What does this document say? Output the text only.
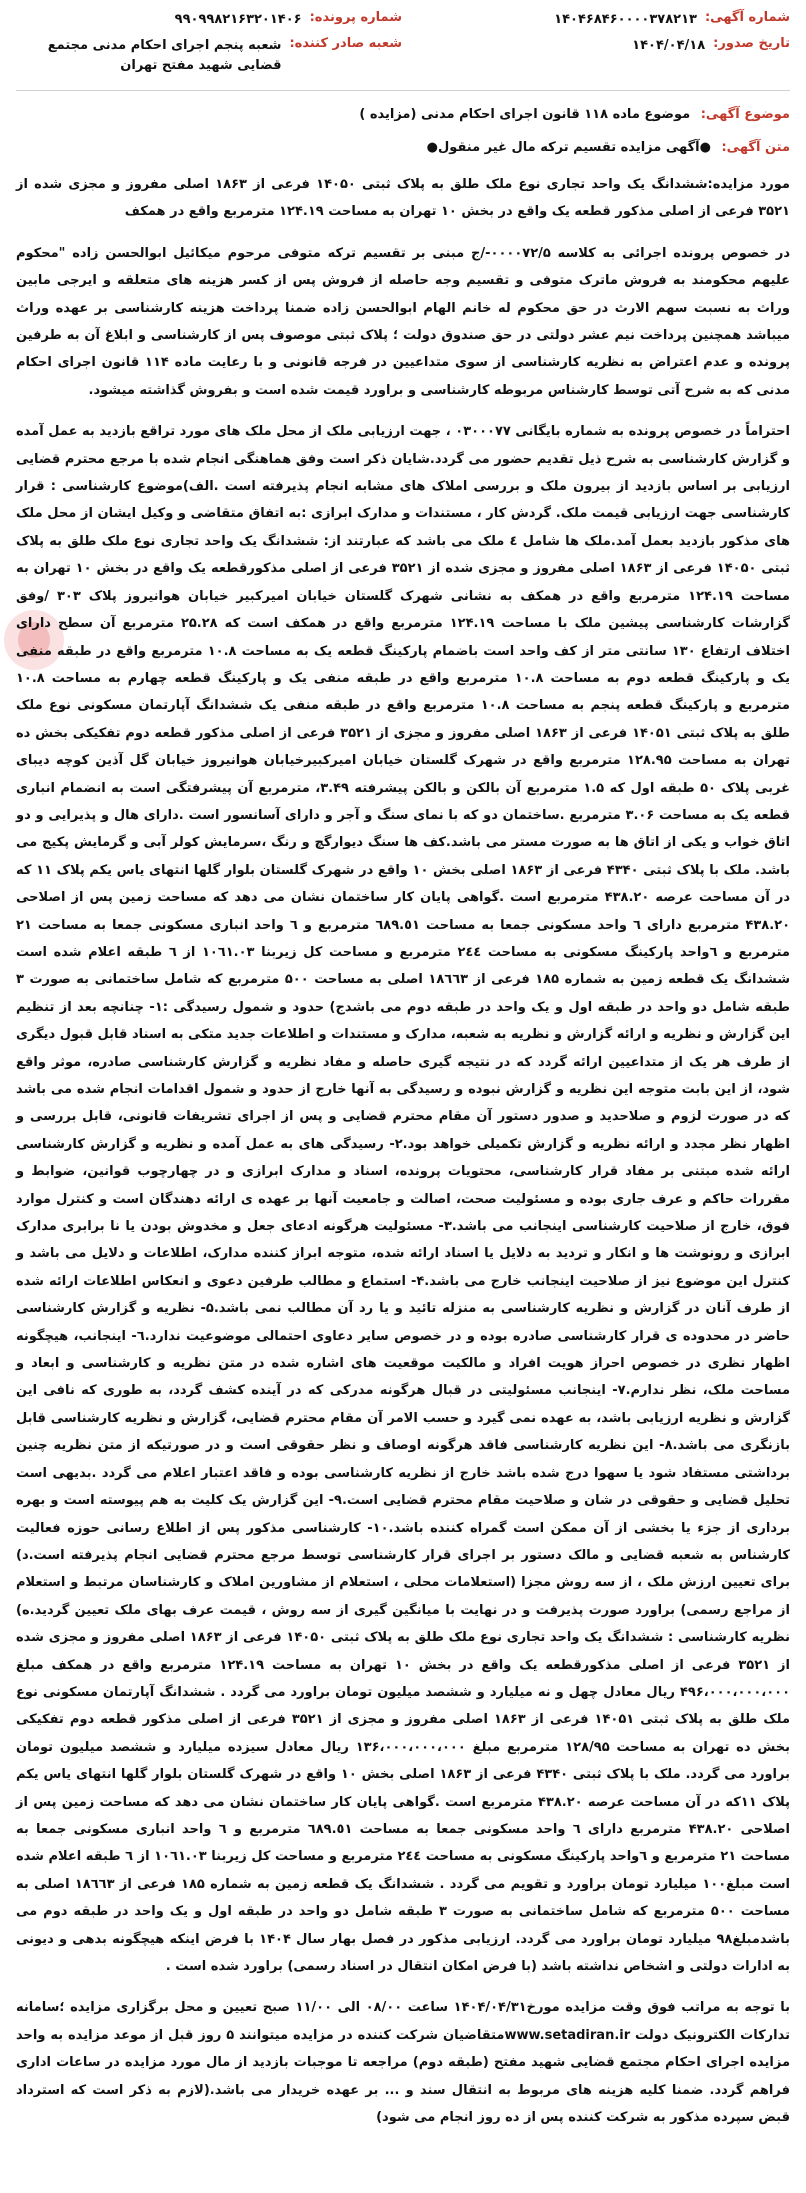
شماره آگهی:
۱۴۰۴۶۸۴۶۰۰۰۰۳۷۸۲۱۳
شماره پرونده:
۹۹۰۹۹۸۲۱۶۳۲۰۱۴۰۶
تاریخ صدور:
۱۴۰۴/۰۴/۱۸
شعبه صادر کننده:
شعبه پنجم اجرای احکام مدنی مجتمع قضایی شهید مفتح تهران
موضوع آگهی: موضوع ماده ۱۱۸ قانون اجرای احکام مدنی (مزایده )
متن آگهی: ●آگهی مزایده تقسیم ترکه مال غیر منقول●

مورد مزایده:ششدانگ یک واحد تجاری نوع ملک طلق به پلاک ثبتی ۱۴۰۵۰ فرعی از ۱۸۶۳ اصلی مفروز و مجزی شده از ۳۵۲۱ فرعی از اصلی مذکور قطعه یک واقع در بخش ۱۰ تهران به مساحت ۱۲۴.۱۹ مترمربع واقع در همکف

در خصوص پرونده اجرائی به کلاسه ۰۰۰۰۷۲/۵-/ج مبنی بر تقسیم ترکه متوفی مرحوم میکائیل ابوالحسن زاده "محکوم علیهم محکومند به فروش ماترک متوفی و تقسیم وجه حاصله از فروش پس از کسر هزینه های متعلقه و ایرجی مابین وراث به نسبت سهم الارث در حق محکوم له خانم الهام ابوالحسن زاده ضمنا پرداخت هزینه کارشناسی بر عهده وراث میباشد همچنین پرداخت نیم عشر دولتی در حق صندوق دولت ؛ پلاک ثبتی موصوف پس از کارشناسی و ابلاغ آن به طرفین پرونده و عدم اعتراض به نظریه کارشناسی از سوی متداعیین در فرجه قانونی و با رعایت ماده ۱۱۴ قانون اجرای احکام مدنی که به شرح آتی توسط کارشناس مربوطه کارشناسی و براورد قیمت شده است و بفروش گذاشته میشود.

احتراماً در خصوص پرونده به شماره بایگانی ۰۳۰۰۰۷۷ ، جهت ارزیابی ملک از محل ملک های مورد تراقع بازدید به عمل آمده و گزارش کارشناسی به شرح ذیل تقدیم حضور می گردد.شایان ذکر است وفق هماهنگی انجام شده با مرجع محترم قضایی ارزیابی بر اساس بازدید از بیرون ملک و بررسی املاک های مشابه انجام پذیرفته است .الف)موضوع کارشناسی : قرار کارشناسی جهت ارزیابی قیمت ملک. گردش کار ، مستندات و مدارک ابرازی :به اتفاق متقاضی و وکیل ایشان از محل ملک های مذکور بازدید بعمل آمد.ملک ها شامل ٤ ملک می باشد که عبارتند از: ششدانگ یک واحد تجاری نوع ملک طلق به پلاک ثبتی ۱۴۰۵۰ فرعی از ۱۸۶۳ اصلی مفروز و مجزی شده از ۳۵۲۱ فرعی از اصلی مذکورقطعه یک واقع در بخش ۱۰ تهران به مساحت ۱۲۴.۱۹ مترمربع واقع در همکف به نشانی شهرک گلستان خیابان امیرکبیر خیابان هوانیروز پلاک ۳۰۳ /وفق گزارشات کارشناسی پیشین ملک با مساحت ۱۲۴.۱۹ مترمربع واقع در همکف است که ۲۵.۲۸ مترمربع آن سطح دارای اختلاف ارتفاع ۱۳۰ سانتی متر از کف واحد است باضمام پارکینگ قطعه یک به مساحت ۱۰.۸ مترمربع واقع در طبقه منفی یک و پارکینگ قطعه دوم به مساحت ۱۰.۸ مترمربع واقع در طبقه منفی یک و پارکینگ قطعه چهارم به مساحت ۱۰.۸ مترمربع و پارکینگ قطعه پنجم به مساحت ۱۰.۸ مترمربع واقع در طبقه منفی یک ششدانگ آپارتمان مسکونی نوع ملک طلق به پلاک ثبتی ۱۴۰۵۱ فرعی از ۱۸۶۳ اصلی مفروز و مجزی از ۳۵۲۱ فرعی از اصلی مذکور قطعه دوم تفکیکی بخش ده تهران به مساحت ۱۲۸.۹۵ مترمربع واقع در شهرک گلستان خیابان امیرکبیرخیابان هوانیروز خیابان گل آذین کوچه دیبای غربی پلاک ۵۰ طبقه اول که ۱.۵ مترمربع آن بالکن و بالکن پیشرفته ۳.۴۹، مترمربع آن پیشرفتگی است به انضمام انباری قطعه یک به مساحت ۳.۰۶ مترمربع .ساختمان دو که با نمای سنگ و آجر و دارای آسانسور است .دارای هال و پذیرایی و دو اتاق خواب و یکی از اتاق ها به صورت مستر می باشد.کف ها سنگ دیوارگچ و رنگ ،سرمایش کولر آبی و گرمایش پکیج می باشد. ملک با پلاک ثبتی ۴۳۴۰ فرعی از ۱۸۶۳ اصلی بخش ۱۰ واقع در شهرک گلستان بلوار گلها انتهای یاس یکم پلاک ١١ که در آن مساحت عرصه ۴۳۸.۲۰ مترمربع است .گواهی پایان کار ساختمان نشان می دهد که مساحت زمین پس از اصلاحی ۴۳۸.۲۰ مترمربع دارای ٦ واحد مسکونی جمعا به مساحت ٦٨٩.٥١ مترمربع و ٦ واحد انباری مسکونی جمعا به مساحت ٢١ مترمربع و ٦واحد پارکینگ مسکونی به مساحت ٢٤٤ مترمربع و مساحت کل زیربنا ۱۰٦۱.۰۳ از ٦ طبقه اعلام شده است ششدانگ یک قطعه زمین به شماره ۱۸۵ فرعی از ۱۸٦٦۳ اصلی به مساحت ۵۰۰ مترمربع که شامل ساختمانی به صورت ۳ طبقه شامل دو واحد در طبقه اول و یک واحد در طبقه دوم می باشدج) حدود و شمول رسیدگی :۱- چنانچه بعد از تنظیم این گزارش و نظریه و ارائه گزارش و نظریه به شعبه، مدارک و مستندات و اطلاعات جدید متکی به اسناد قابل قبول دیگری از طرف هر یک از متداعیین ارائه گردد که در نتیجه گیری حاصله و مفاد نظریه و گزارش کارشناسی صادره، موثر واقع شود، از این بابت متوجه این نظریه و گزارش نبوده و رسیدگی به آنها خارج از حدود و شمول اقدامات انجام شده می باشد که در صورت لزوم و صلاحدید و صدور دستور آن مقام محترم قضایی و پس از اجرای تشریفات قانونی، قابل بررسی و اظهار نظر مجدد و ارائه نظریه و گزارش تکمیلی خواهد بود.۲- رسیدگی های به عمل آمده و نظریه و گزارش کارشناسی ارائه شده مبتنی بر مفاد قرار کارشناسی، محتویات پرونده، اسناد و مدارک ابرازی و در چهارچوب قوانین، ضوابط و مقررات حاکم و عرف جاری بوده و مسئولیت صحت، اصالت و جامعیت آنها بر عهده ی ارائه دهندگان است و کنترل موارد فوق، خارج از صلاحیت کارشناسی اینجانب می باشد.۳- مسئولیت هرگونه ادعای جعل و مخدوش بودن یا نا برابری مدارک ابرازی و رونوشت ها و انکار و تردید به دلایل یا اسناد ارائه شده، متوجه ابراز کننده مدارک، اطلاعات و دلایل می باشد و کنترل این موضوع نیز از صلاحیت اینجانب خارج می باشد.۴- استماع و مطالب طرفین دعوی و انعکاس اطلاعات ارائه شده از طرف آنان در گزارش و نظریه کارشناسی به منزله تائید و یا رد آن مطالب نمی باشد.۵- نظریه و گزارش کارشناسی حاضر در محدوده ی قرار کارشناسی صادره بوده و در خصوص سایر دعاوی احتمالی موضوعیت ندارد.٦- اینجانب، هیچگونه اظهار نظری در خصوص احراز هویت افراد و مالکیت موقعیت های اشاره شده در متن نظریه و کارشناسی و ابعاد و مساحت ملک، نظر ندارم.۷- اینجانب مسئولیتی در قبال هرگونه مدرکی که در آینده کشف گردد، به طوری که نافی این گزارش و نظریه ارزیابی باشد، به عهده نمی گیرد و حسب الامر آن مقام محترم قضایی، گزارش و نظریه کارشناسی قابل بازنگری می باشد.۸- این نظریه کارشناسی فاقد هرگونه اوصاف و نظر حقوقی است و در صورتیکه از متن نظریه چنین برداشتی مستفاد شود یا سهوا درج شده باشد خارج از نظریه کارشناسی بوده و فاقد اعتبار اعلام می گردد .بدیهی است تحلیل قضایی و حقوقی در شان و صلاحیت مقام محترم قضایی است.۹- این گزارش یک کلیت به هم پیوسته است و بهره برداری از جزء یا بخشی از آن ممکن است گمراه کننده باشد.۱۰- کارشناسی مذکور پس از اطلاع رسانی حوزه فعالیت کارشناس به شعبه قضایی و مالک دستور بر اجرای قرار کارشناسی توسط مرجع محترم قضایی انجام پذیرفته است.د) برای تعیین ارزش ملک ، از سه روش مجزا (استعلامات محلی ، استعلام از مشاورین املاک و کارشناسان مرتبط و استعلام از مراجع رسمی) براورد صورت پذیرفت و در نهایت با میانگین گیری از سه روش ، قیمت عرف بهای ملک تعیین گردید.ه) نظریه کارشناسی : ششدانگ یک واحد تجاری نوع ملک طلق به پلاک ثبتی ۱۴۰۵۰ فرعی از ۱۸۶۳ اصلی مفروز و مجزی شده از ۳۵۲۱ فرعی از اصلی مذکورقطعه یک واقع در بخش ۱۰ تهران به مساحت ۱۲۴.۱۹ مترمربع واقع در همکف مبلغ ۴۹۶،۰۰۰،۰۰۰،۰۰۰ ریال معادل چهل و نه میلیارد و ششصد میلیون تومان براورد می گردد . ششدانگ آپارتمان مسکونی نوع ملک طلق به پلاک ثبتی ۱۴۰۵۱ فرعی از ۱۸۶۳ اصلی مفروز و مجزی از ۳۵۲۱ فرعی از اصلی مذکور قطعه دوم تفکیکی بخش ده تهران به مساحت ۱۲۸/۹۵ مترمربع مبلغ ۱۳۶،۰۰۰،۰۰۰،۰۰۰ ریال معادل سیزده میلیارد و ششصد میلیون تومان براورد می گردد. ملک با پلاک ثبتی ۴۳۴۰ فرعی از ۱۸۶۳ اصلی بخش ۱۰ واقع در شهرک گلستان بلوار گلها انتهای یاس یکم پلاک ١١که در آن مساحت عرصه ۴۳۸.۲۰ مترمربع است .گواهی پایان کار ساختمان نشان می دهد که مساحت زمین پس از اصلاحی ۴۳۸.۲۰ مترمربع دارای ٦ واحد مسکونی جمعا به مساحت ٦٨٩.٥١ مترمربع و ٦ واحد انباری مسکونی جمعا به مساحت ٢١ مترمربع و ٦واحد پارکینگ مسکونی به مساحت ٢٤٤ مترمربع و مساحت کل زیربنا ۱۰٦۱.۰۳ از ٦ طبقه اعلام شده است مبلغ۱۰۰ میلیارد تومان براورد و تقویم می گردد . ششدانگ یک قطعه زمین به شماره ۱۸۵ فرعی از ۱۸٦٦۳ اصلی به مساحت ۵۰۰ مترمربع که شامل ساختمانی به صورت ۳ طبقه شامل دو واحد در طبقه اول و یک واحد در طبقه دوم می باشدمبلغ۹۸ میلیارد تومان براورد می گردد. ارزیابی مذکور در فصل بهار سال ۱۴۰۴ با فرض اینکه هیچگونه بدهی و دیونی به ادارات دولتی و اشخاص نداشته باشد (با فرض امکان انتقال در اسناد رسمی) براورد شده است .

با توجه به مراتب فوق وقت مزایده مورخ۱۴۰۴/۰۴/۳۱ ساعت ۰۸/۰۰ الی ۱۱/۰۰ صبح تعیین و محل برگزاری مزایده ؛سامانه تدارکات الکترونیک دولت www.setadiran.irمتقاضیان شرکت کننده در مزایده میتوانند ۵ روز قبل از موعد مزایده به واحد مزایده اجرای احکام مجتمع قضایی شهید مفتح (طبقه دوم) مراجعه تا موجبات بازدید از مال مورد مزایده در ساعات اداری فراهم گردد. ضمنا کلیه هزینه های مربوط به انتقال سند و ... بر عهده خریدار می باشد.(لازم به ذکر است که استرداد قبض سپرده مذکور به شرکت کننده پس از ده روز انجام می شود)
